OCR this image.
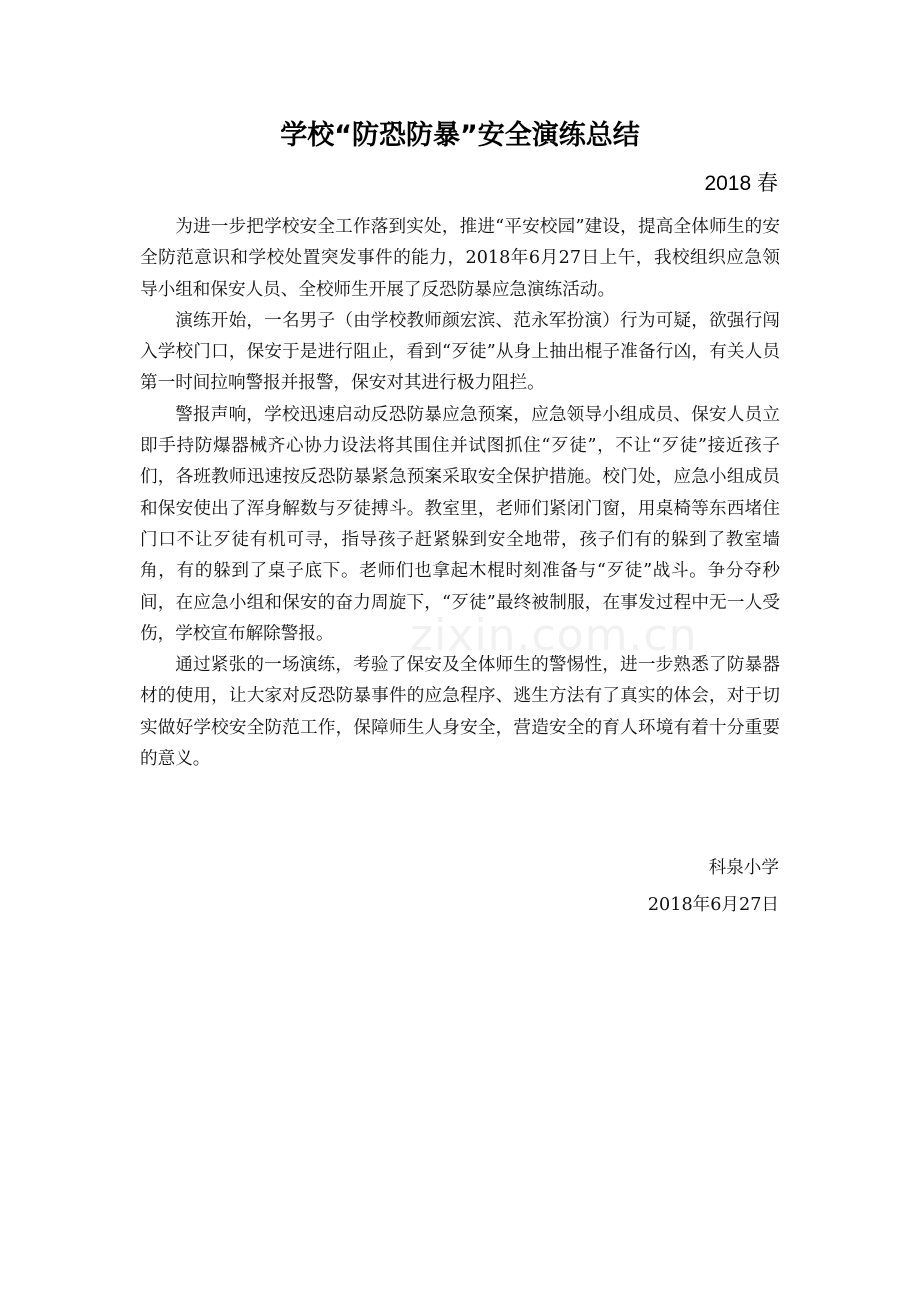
学校“防恐防暴”安全演练总结
2018 春

为进一步把学校安全工作落到实处，推进“平安校园”建设，提高全体师生的安全防范意识和学校处置突发事件的能力，2018年6月27日上午，我校组织应急领导小组和保安人员、全校师生开展了反恐防暴应急演练活动。

演练开始，一名男子（由学校教师颜宏滨、范永军扮演）行为可疑，欲强行闯入学校门口，保安于是进行阻止，看到“歹徒”从身上抽出棍子准备行凶，有关人员第一时间拉响警报并报警，保安对其进行极力阻拦。

警报声响，学校迅速启动反恐防暴应急预案，应急领导小组成员、保安人员立即手持防爆器械齐心协力设法将其围住并试图抓住“歹徒”，不让“歹徒”接近孩子们，各班教师迅速按反恐防暴紧急预案采取安全保护措施。校门处，应急小组成员和保安使出了浑身解数与歹徒搏斗。教室里，老师们紧闭门窗，用桌椅等东西堵住门口不让歹徒有机可寻，指导孩子赶紧躲到安全地带，孩子们有的躲到了教室墙角，有的躲到了桌子底下。老师们也拿起木棍时刻准备与“歹徒”战斗。争分夺秒间，在应急小组和保安的奋力周旋下，“歹徒”最终被制服，在事发过程中无一人受伤，学校宣布解除警报。

通过紧张的一场演练，考验了保安及全体师生的警惕性，进一步熟悉了防暴器材的使用，让大家对反恐防暴事件的应急程序、逃生方法有了真实的体会，对于切实做好学校安全防范工作，保障师生人身安全，营造安全的育人环境有着十分重要的意义。

科泉小学
2018年6月27日
zixin.com.cn
